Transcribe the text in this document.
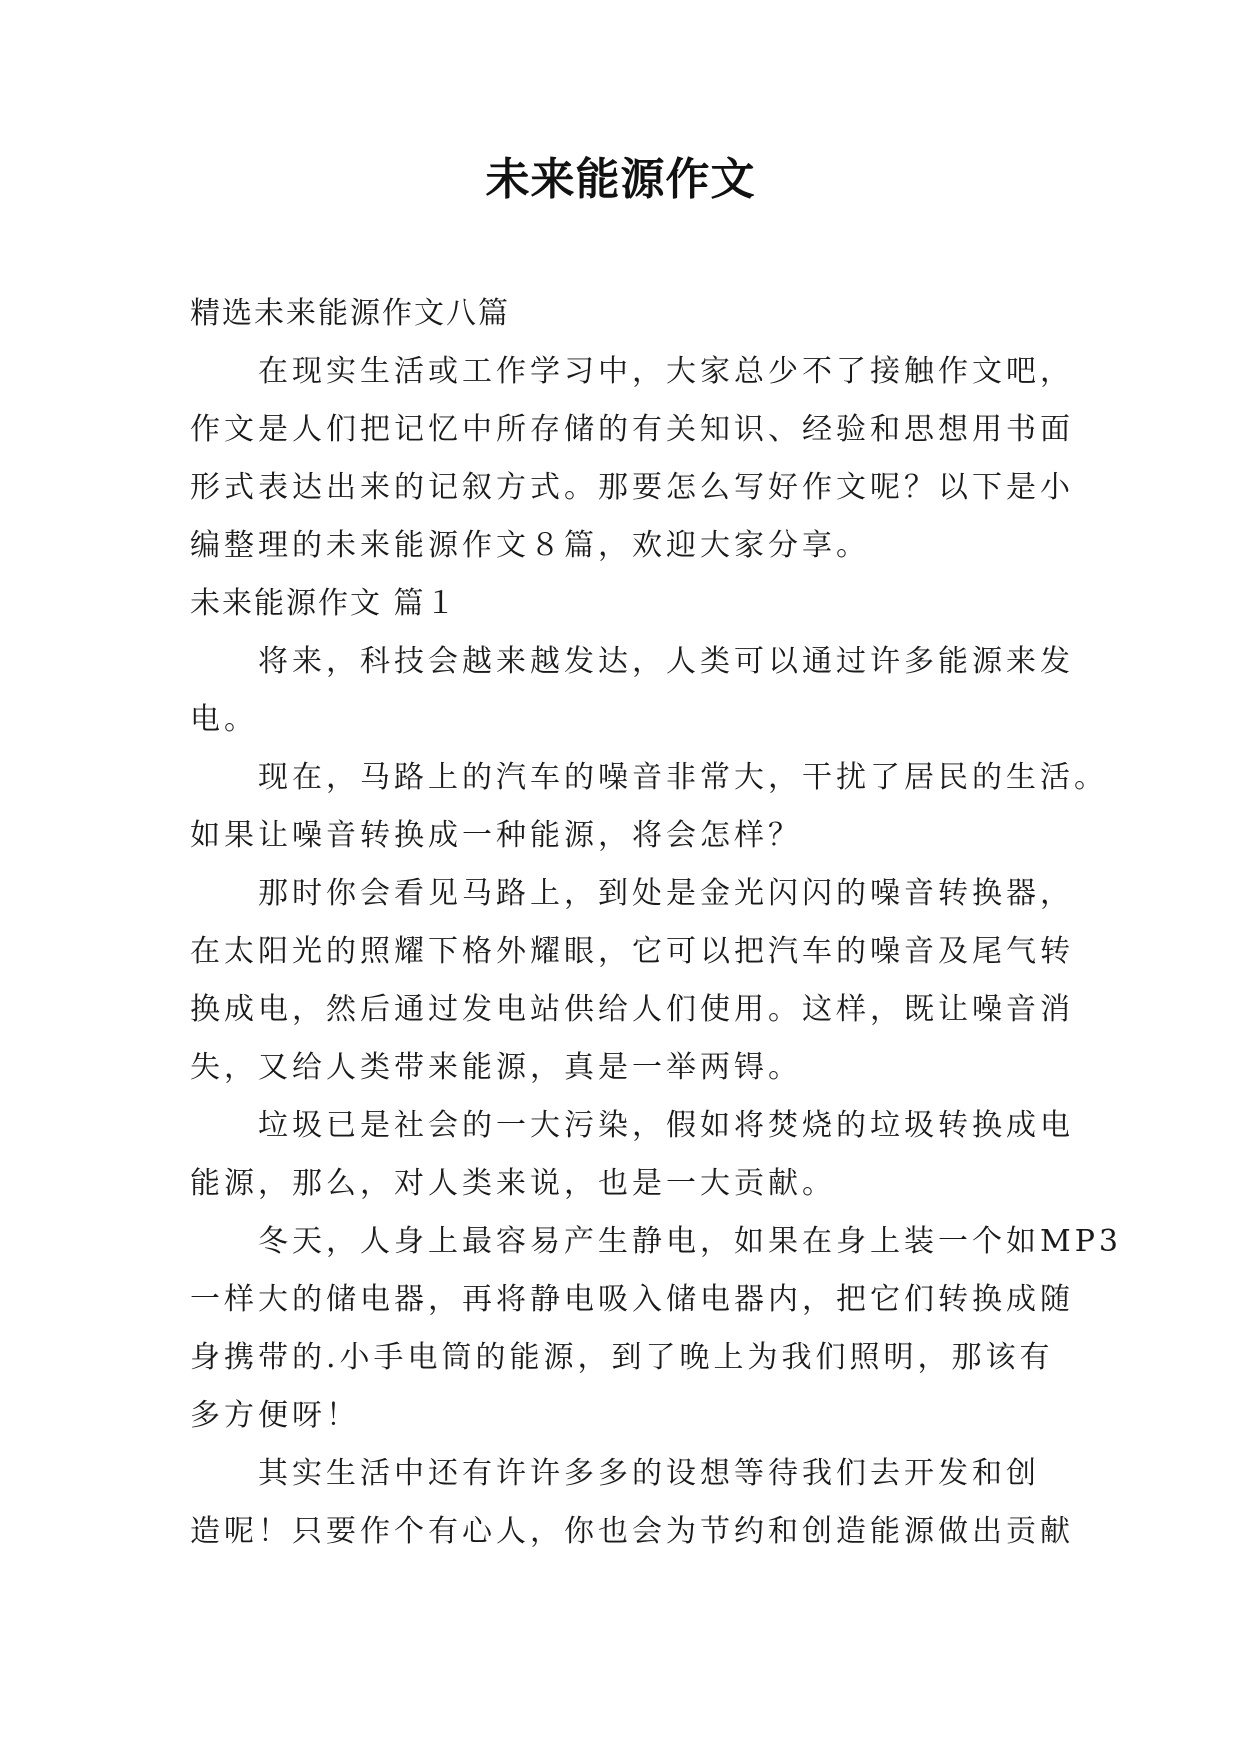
未来能源作文
精选未来能源作文八篇
在现实生活或工作学习中，大家总少不了接触作文吧，
作文是人们把记忆中所存储的有关知识、经验和思想用书面
形式表达出来的记叙方式。那要怎么写好作文呢？以下是小
编整理的未来能源作文８篇，欢迎大家分享。
未来能源作文 篇１
将来，科技会越来越发达，人类可以通过许多能源来发
电。
现在，马路上的汽车的噪音非常大，干扰了居民的生活。
如果让噪音转换成一种能源，将会怎样？
那时你会看见马路上，到处是金光闪闪的噪音转换器，
在太阳光的照耀下格外耀眼，它可以把汽车的噪音及尾气转
换成电，然后通过发电站供给人们使用。这样，既让噪音消
失，又给人类带来能源，真是一举两锝。
垃圾已是社会的一大污染，假如将焚烧的垃圾转换成电
能源，那么，对人类来说，也是一大贡献。
冬天，人身上最容易产生静电，如果在身上装一个如MP3
一样大的储电器，再将静电吸入储电器内，把它们转换成随
身携带的.小手电筒的能源，到了晚上为我们照明，那该有
多方便呀！
其实生活中还有许许多多的设想等待我们去开发和创
造呢！只要作个有心人，你也会为节约和创造能源做出贡献
